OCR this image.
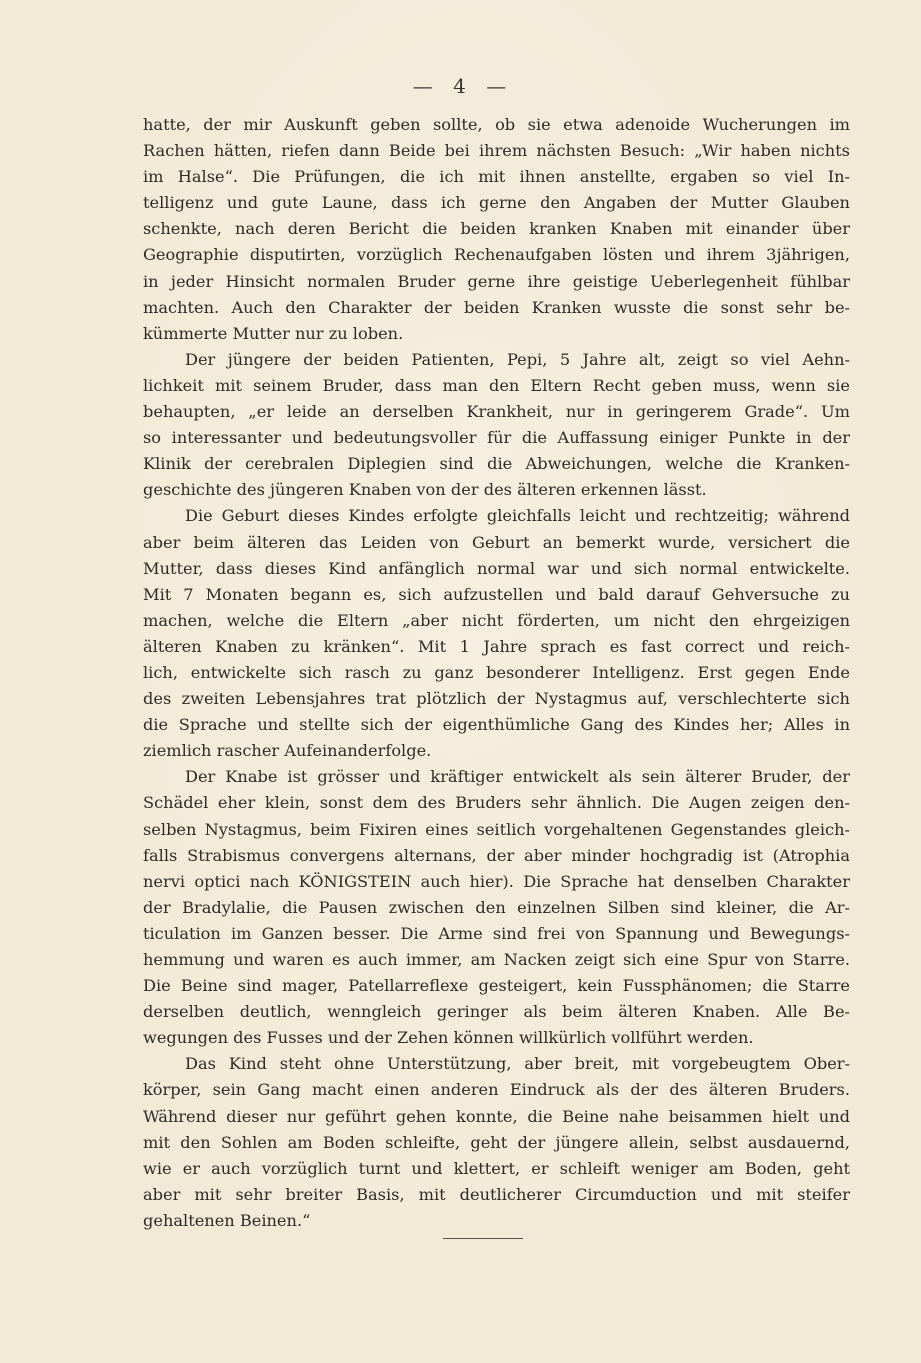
— 4 —
hatte, der mir Auskunft geben sollte, ob sie etwa adenoide Wucherungen im
Rachen hätten, riefen dann Beide bei ihrem nächsten Besuch: „Wir haben nichts
im Halse“. Die Prüfungen, die ich mit ihnen anstellte, ergaben so viel In-
telligenz und gute Laune, dass ich gerne den Angaben der Mutter Glauben
schenkte, nach deren Bericht die beiden kranken Knaben mit einander über
Geographie disputirten, vorzüglich Rechenaufgaben lösten und ihrem 3jährigen,
in jeder Hinsicht normalen Bruder gerne ihre geistige Ueberlegenheit fühlbar
machten. Auch den Charakter der beiden Kranken wusste die sonst sehr be-
kümmerte Mutter nur zu loben.
Der jüngere der beiden Patienten, Pepi, 5 Jahre alt, zeigt so viel Aehn-
lichkeit mit seinem Bruder, dass man den Eltern Recht geben muss, wenn sie
behaupten, „er leide an derselben Krankheit, nur in geringerem Grade“. Um
so interessanter und bedeutungsvoller für die Auffassung einiger Punkte in der
Klinik der cerebralen Diplegien sind die Abweichungen, welche die Kranken-
geschichte des jüngeren Knaben von der des älteren erkennen lässt.
Die Geburt dieses Kindes erfolgte gleichfalls leicht und rechtzeitig; während
aber beim älteren das Leiden von Geburt an bemerkt wurde, versichert die
Mutter, dass dieses Kind anfänglich normal war und sich normal entwickelte.
Mit 7 Monaten begann es, sich aufzustellen und bald darauf Gehversuche zu
machen, welche die Eltern „aber nicht förderten, um nicht den ehrgeizigen
älteren Knaben zu kränken“. Mit 1 Jahre sprach es fast correct und reich-
lich, entwickelte sich rasch zu ganz besonderer Intelligenz. Erst gegen Ende
des zweiten Lebensjahres trat plötzlich der Nystagmus auf, verschlechterte sich
die Sprache und stellte sich der eigenthümliche Gang des Kindes her; Alles in
ziemlich rascher Aufeinanderfolge.
Der Knabe ist grösser und kräftiger entwickelt als sein älterer Bruder, der
Schädel eher klein, sonst dem des Bruders sehr ähnlich. Die Augen zeigen den-
selben Nystagmus, beim Fixiren eines seitlich vorgehaltenen Gegenstandes gleich-
falls Strabismus convergens alternans, der aber minder hochgradig ist (Atrophia
nervi optici nach KÖNIGSTEIN auch hier). Die Sprache hat denselben Charakter
der Bradylalie, die Pausen zwischen den einzelnen Silben sind kleiner, die Ar-
ticulation im Ganzen besser. Die Arme sind frei von Spannung und Bewegungs-
hemmung und waren es auch immer, am Nacken zeigt sich eine Spur von Starre.
Die Beine sind mager, Patellarreflexe gesteigert, kein Fussphänomen; die Starre
derselben deutlich, wenngleich geringer als beim älteren Knaben. Alle Be-
wegungen des Fusses und der Zehen können willkürlich vollführt werden.
Das Kind steht ohne Unterstützung, aber breit, mit vorgebeugtem Ober-
körper, sein Gang macht einen anderen Eindruck als der des älteren Bruders.
Während dieser nur geführt gehen konnte, die Beine nahe beisammen hielt und
mit den Sohlen am Boden schleifte, geht der jüngere allein, selbst ausdauernd,
wie er auch vorzüglich turnt und klettert, er schleift weniger am Boden, geht
aber mit sehr breiter Basis, mit deutlicherer Circumduction und mit steifer
gehaltenen Beinen.“
